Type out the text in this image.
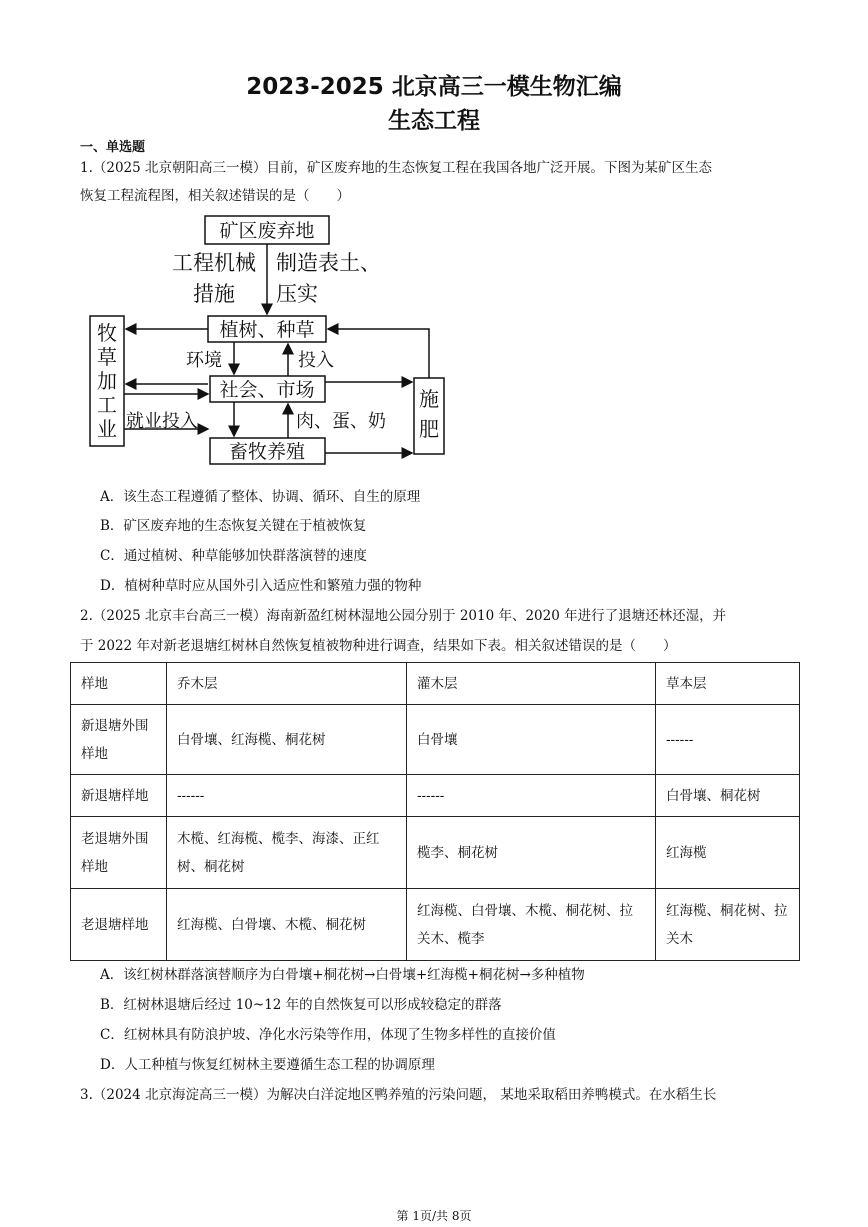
2023-2025 北京高三一模生物汇编
生态工程
一、单选题
1.（2025 北京朝阳高三一模）目前，矿区废弃地的生态恢复工程在我国各地广泛开展。下图为某矿区生态
恢复工程流程图，相关叙述错误的是（　　）
矿区废弃地
工程机械
措施
制造表土、
压实
植树、种草
社会、市场
畜牧养殖
牧
草
加
工
业
施
肥
环境	投入
就业投入	肉、蛋、奶
A．该生态工程遵循了整体、协调、循环、自生的原理
B．矿区废弃地的生态恢复关键在于植被恢复
C．通过植树、种草能够加快群落演替的速度
D．植树种草时应从国外引入适应性和繁殖力强的物种
2.（2025 北京丰台高三一模）海南新盈红树林湿地公园分别于 2010 年、2020 年进行了退塘还林还湿，并
于 2022 年对新老退塘红树林自然恢复植被物种进行调查，结果如下表。相关叙述错误的是（　　）
样地	乔木层	灌木层	草本层
新退塘外围样地	白骨壤、红海榄、桐花树	白骨壤	------
新退塘样地	------	------	白骨壤、桐花树
老退塘外围样地	木榄、红海榄、榄李、海漆、正红树、桐花树	榄李、桐花树	红海榄
老退塘样地	红海榄、白骨壤、木榄、桐花树	红海榄、白骨壤、木榄、桐花树、拉关木、榄李	红海榄、桐花树、拉关木
A．该红树林群落演替顺序为白骨壤+桐花树→白骨壤+红海榄+桐花树→多种植物
B．红树林退塘后经过 10~12 年的自然恢复可以形成较稳定的群落
C．红树林具有防浪护坡、净化水污染等作用，体现了生物多样性的直接价值
D．人工种植与恢复红树林主要遵循生态工程的协调原理
3.（2024 北京海淀高三一模）为解决白洋淀地区鸭养殖的污染问题， 某地采取稻田养鸭模式。在水稻生长
第 1页/共 8页
